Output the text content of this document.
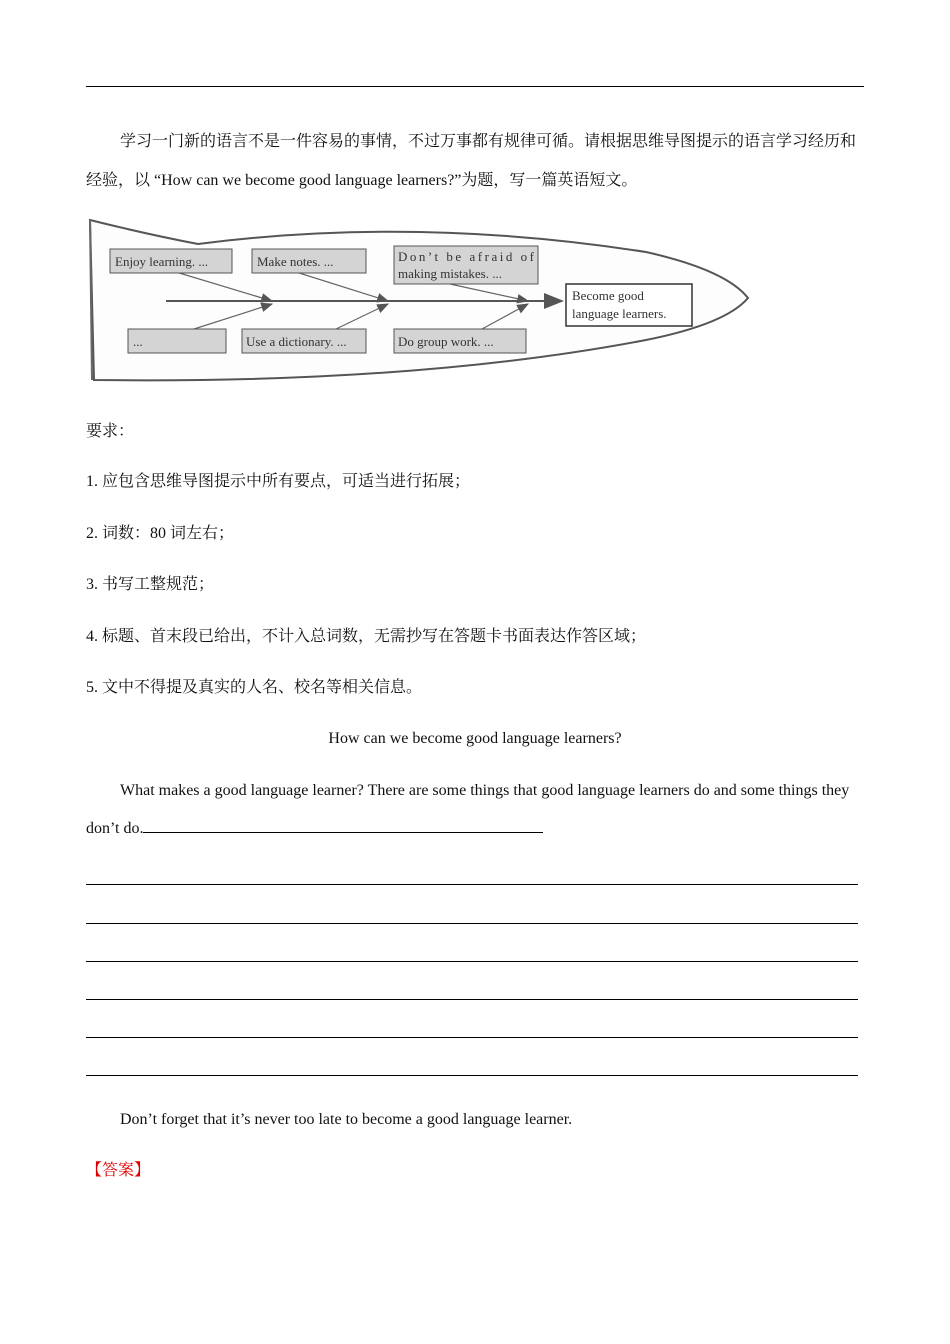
学习一门新的语言不是一件容易的事情，不过万事都有规律可循。请根据思维导图提示的语言学习经历和经验，以 “How can we become good language learners?”为题，写一篇英语短文。

Enjoy learning. ...	Make notes. ...	Don’t be afraid of
making mistakes. ...
...	Use a dictionary. ...	Do group work. ...
Become good
language learners.
要求：
1. 应包含思维导图提示中所有要点，可适当进行拓展；
2. 词数：80 词左右；
3. 书写工整规范；
4. 标题、首末段已给出，不计入总词数，无需抄写在答题卡书面表达作答区域；
5. 文中不得提及真实的人名、校名等相关信息。
How can we become good language learners?
What makes a good language learner? There are some things that good language learners do and some things they don’t do.
Don’t forget that it’s never too late to become a good language learner.
【答案】
